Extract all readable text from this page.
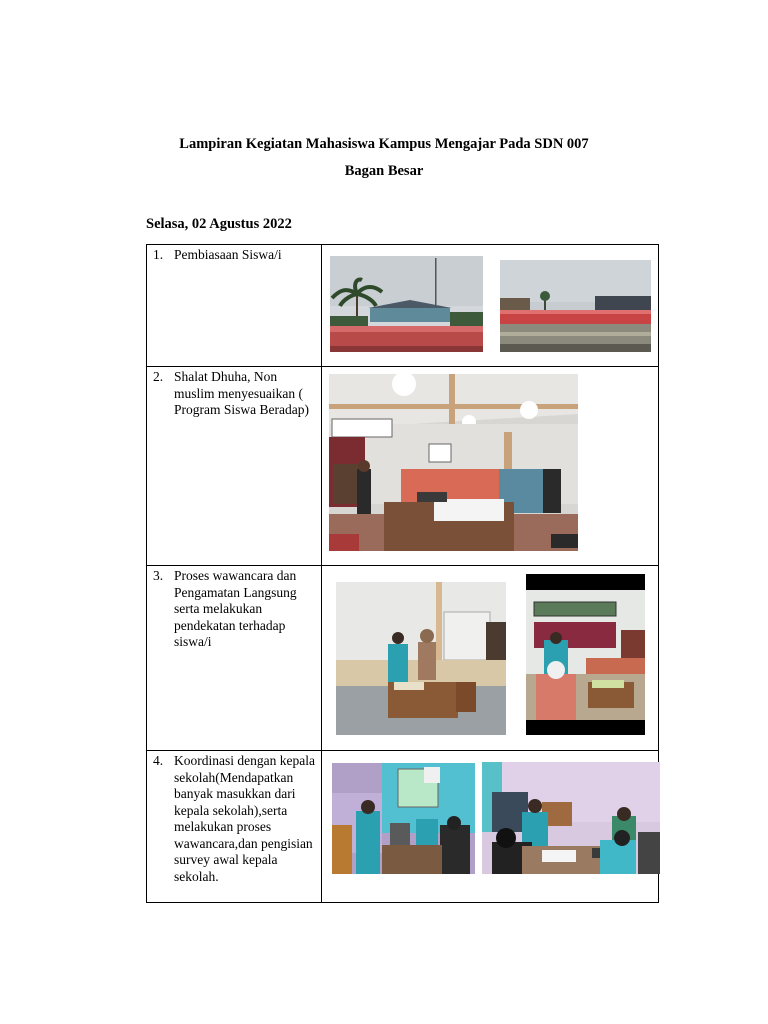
Lampiran Kegiatan Mahasiswa Kampus Mengajar Pada SDN 007
Bagan Besar
Selasa, 02 Agustus 2022
1. Pembiasaan Siswa/i

2. Shalat Dhuha, Non muslim menyesuaikan ( Program Siswa Beradap)

3. Proses wawancara dan Pengamatan Langsung serta melakukan pendekatan terhadap siswa/i

4. Koordinasi dengan kepala sekolah(Mendapatkan banyak masukkan dari kepala sekolah),serta melakukan proses wawancara,dan pengisian survey awal kepala sekolah.
